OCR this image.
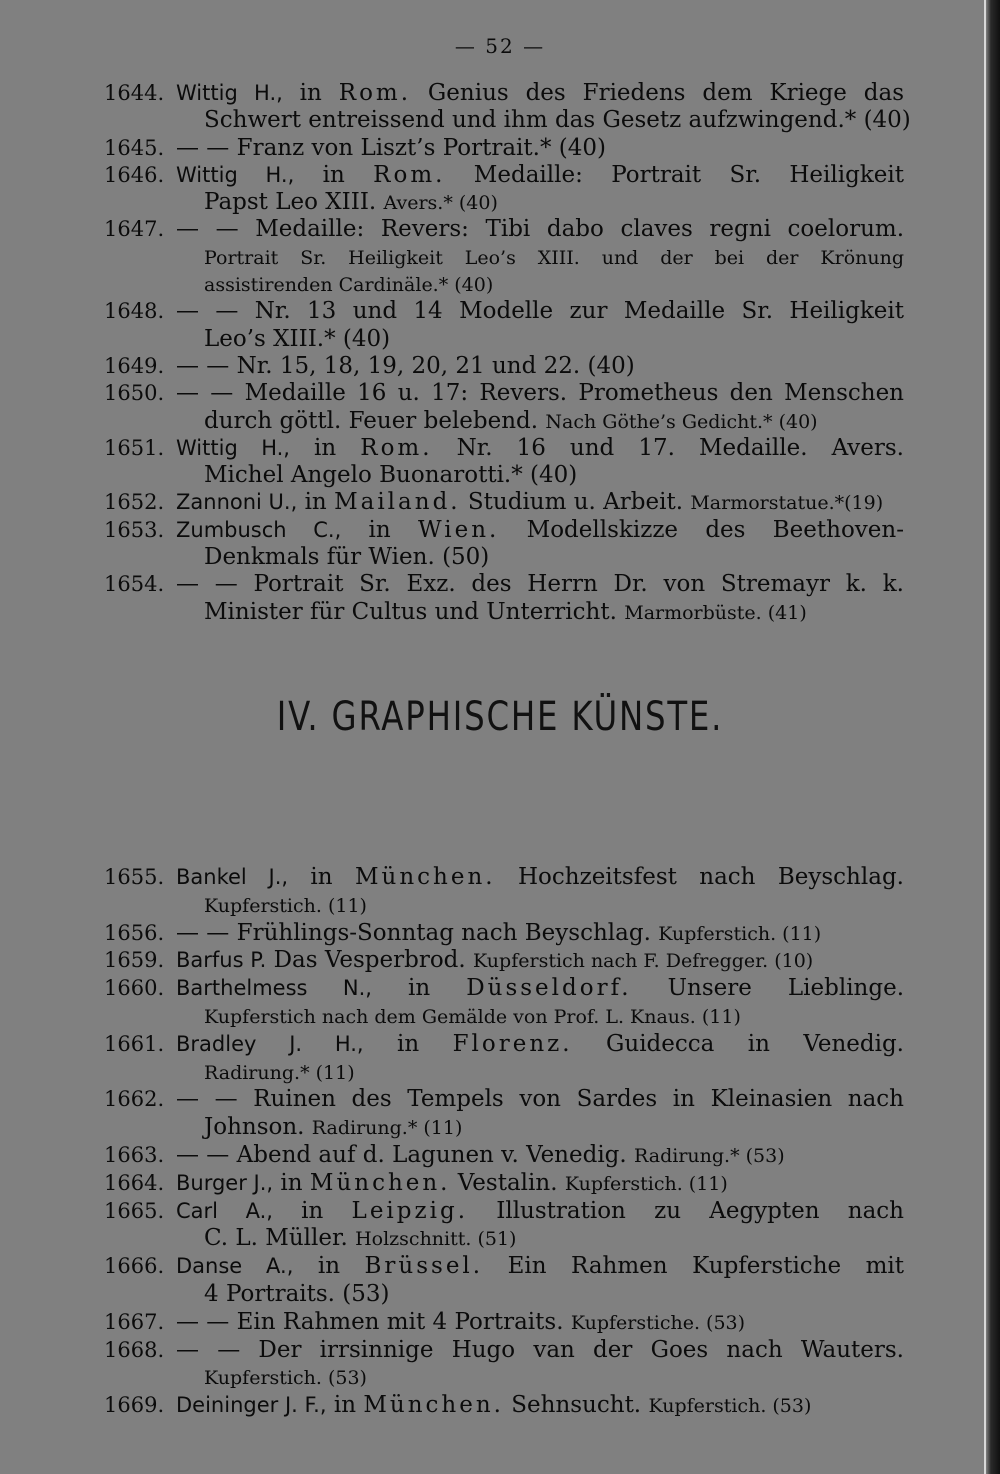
— 52 —
1644. Wittig H., in Rom. Genius des Friedens dem Kriege das
Schwert entreissend und ihm das Gesetz aufzwingend.* (40)
1645. — — Franz von Liszt’s Portrait.* (40)
1646. Wittig H., in Rom. Medaille: Portrait Sr. Heiligkeit
Papst Leo XIII. Avers.* (40)
1647. — — Medaille: Revers: Tibi dabo claves regni coelorum.
Portrait Sr. Heiligkeit Leo’s XIII. und der bei der Krönung
assistirenden Cardinäle.* (40)
1648. — — Nr. 13 und 14 Modelle zur Medaille Sr. Heiligkeit
Leo’s XIII.* (40)
1649. — — Nr. 15, 18, 19, 20, 21 und 22. (40)
1650. — — Medaille 16 u. 17: Revers. Prometheus den Menschen
durch göttl. Feuer belebend. Nach Göthe’s Gedicht.* (40)
1651. Wittig H., in Rom. Nr. 16 und 17. Medaille. Avers.
Michel Angelo Buonarotti.* (40)
1652. Zannoni U., in Mailand. Studium u. Arbeit. Marmorstatue.*(19)
1653. Zumbusch C., in Wien. Modellskizze des Beethoven-
Denkmals für Wien. (50)
1654. — — Portrait Sr. Exz. des Herrn Dr. von Stremayr k. k.
Minister für Cultus und Unterricht. Marmorbüste. (41)
IV. GRAPHISCHE KÜNSTE.
1655. Bankel J., in München. Hochzeitsfest nach Beyschlag.
Kupferstich. (11)
1656. — — Frühlings-Sonntag nach Beyschlag. Kupferstich. (11)
1659. Barfus P. Das Vesperbrod. Kupferstich nach F. Defregger. (10)
1660. Barthelmess N., in Düsseldorf. Unsere Lieblinge.
Kupferstich nach dem Gemälde von Prof. L. Knaus. (11)
1661. Bradley J. H., in Florenz. Guidecca in Venedig.
Radirung.* (11)
1662. — — Ruinen des Tempels von Sardes in Kleinasien nach
Johnson. Radirung.* (11)
1663. — — Abend auf d. Lagunen v. Venedig. Radirung.* (53)
1664. Burger J., in München. Vestalin. Kupferstich. (11)
1665. Carl A., in Leipzig. Illustration zu Aegypten nach
C. L. Müller. Holzschnitt. (51)
1666. Danse A., in Brüssel. Ein Rahmen Kupferstiche mit
4 Portraits. (53)
1667. — — Ein Rahmen mit 4 Portraits. Kupferstiche. (53)
1668. — — Der irrsinnige Hugo van der Goes nach Wauters.
Kupferstich. (53)
1669. Deininger J. F., in München. Sehnsucht. Kupferstich. (53)
